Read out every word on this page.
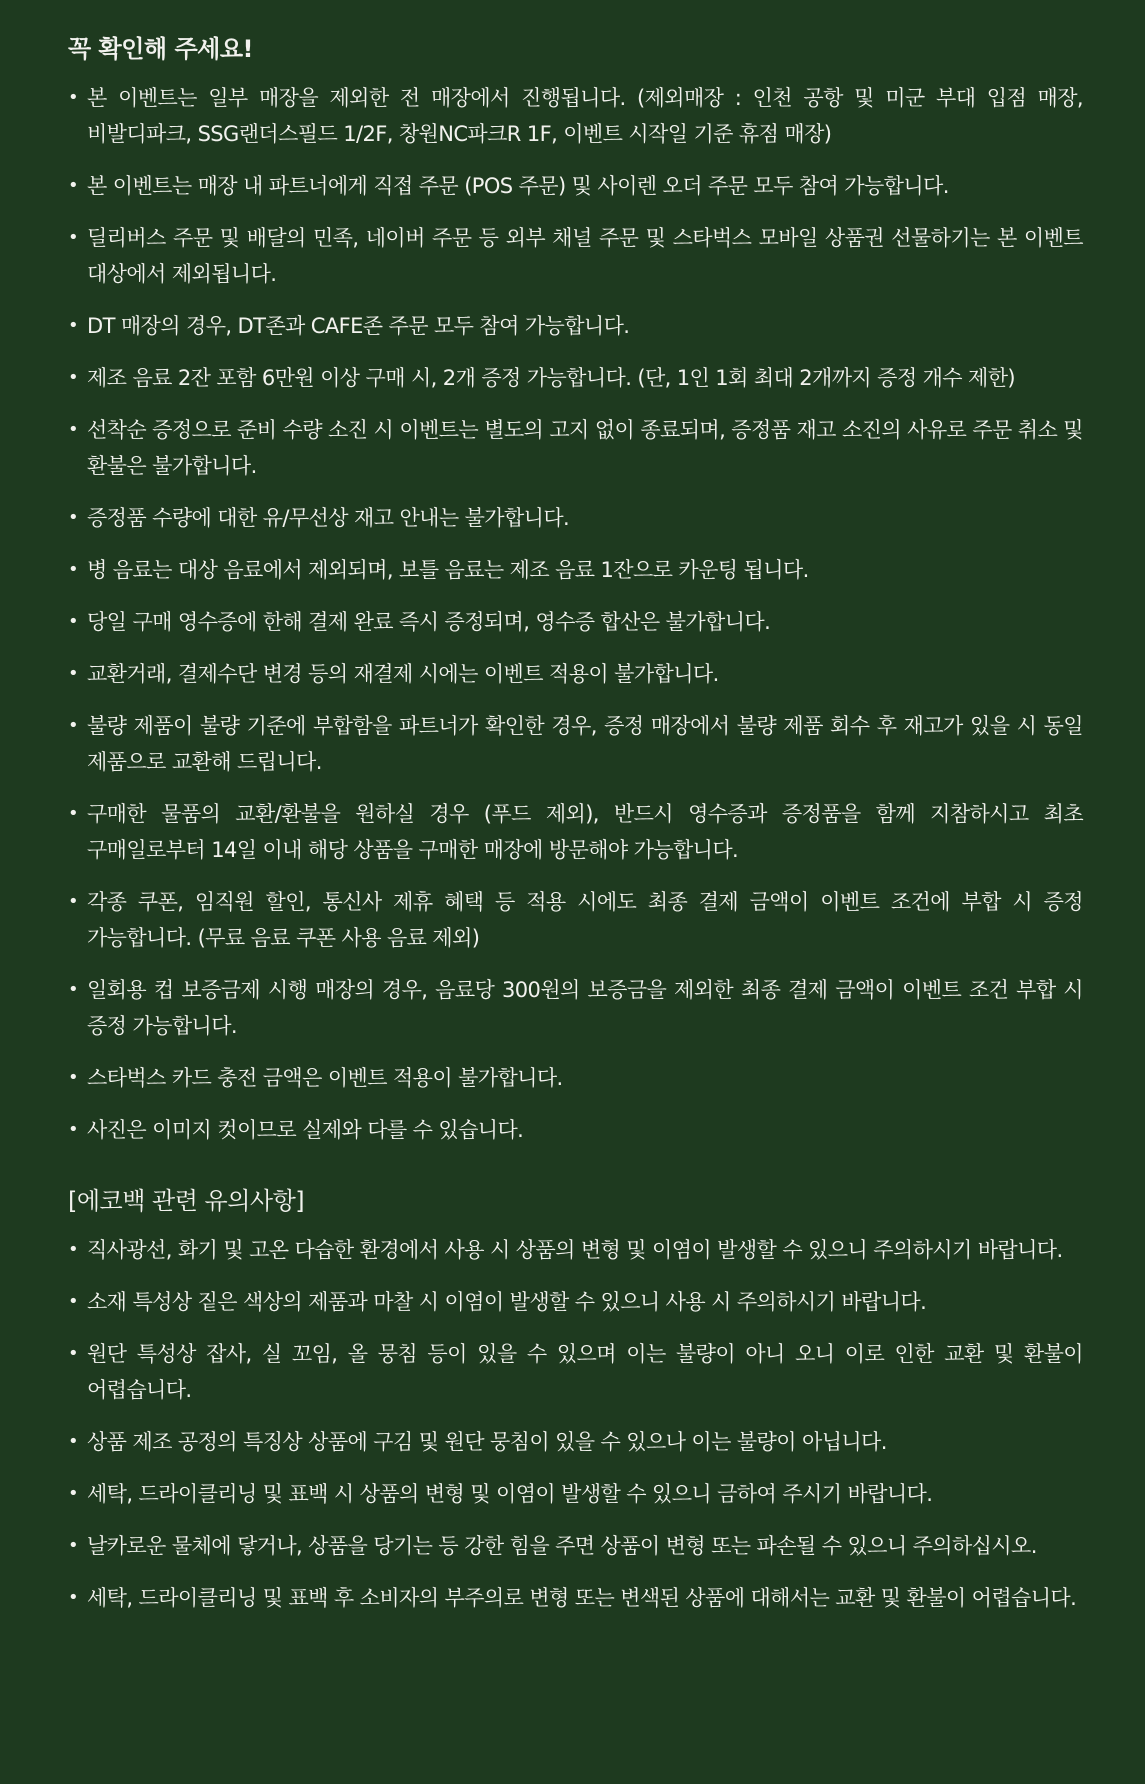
꼭 확인해 주세요!
• 본 이벤트는 일부 매장을 제외한 전 매장에서 진행됩니다. (제외매장 : 인천 공항 및 미군 부대 입점 매장, 비발디파크, SSG랜더스필드 1/2F, 창원NC파크R 1F, 이벤트 시작일 기준 휴점 매장)
• 본 이벤트는 매장 내 파트너에게 직접 주문 (POS 주문) 및 사이렌 오더 주문 모두 참여 가능합니다.
• 딜리버스 주문 및 배달의 민족, 네이버 주문 등 외부 채널 주문 및 스타벅스 모바일 상품권 선물하기는 본 이벤트 대상에서 제외됩니다.
• DT 매장의 경우, DT존과 CAFE존 주문 모두 참여 가능합니다.
• 제조 음료 2잔 포함 6만원 이상 구매 시, 2개 증정 가능합니다. (단, 1인 1회 최대 2개까지 증정 개수 제한)
• 선착순 증정으로 준비 수량 소진 시 이벤트는 별도의 고지 없이 종료되며, 증정품 재고 소진의 사유로 주문 취소 및 환불은 불가합니다.
• 증정품 수량에 대한 유/무선상 재고 안내는 불가합니다.
• 병 음료는 대상 음료에서 제외되며, 보틀 음료는 제조 음료 1잔으로 카운팅 됩니다.
• 당일 구매 영수증에 한해 결제 완료 즉시 증정되며, 영수증 합산은 불가합니다.
• 교환거래, 결제수단 변경 등의 재결제 시에는 이벤트 적용이 불가합니다.
• 불량 제품이 불량 기준에 부합함을 파트너가 확인한 경우, 증정 매장에서 불량 제품 회수 후 재고가 있을 시 동일 제품으로 교환해 드립니다.
• 구매한 물품의 교환/환불을 원하실 경우 (푸드 제외), 반드시 영수증과 증정품을 함께 지참하시고 최초 구매일로부터 14일 이내 해당 상품을 구매한 매장에 방문해야 가능합니다.
• 각종 쿠폰, 임직원 할인, 통신사 제휴 혜택 등 적용 시에도 최종 결제 금액이 이벤트 조건에 부합 시 증정 가능합니다. (무료 음료 쿠폰 사용 음료 제외)
• 일회용 컵 보증금제 시행 매장의 경우, 음료당 300원의 보증금을 제외한 최종 결제 금액이 이벤트 조건 부합 시 증정 가능합니다.
• 스타벅스 카드 충전 금액은 이벤트 적용이 불가합니다.
• 사진은 이미지 컷이므로 실제와 다를 수 있습니다.
[에코백 관련 유의사항]
• 직사광선, 화기 및 고온 다습한 환경에서 사용 시 상품의 변형 및 이염이 발생할 수 있으니 주의하시기 바랍니다.
• 소재 특성상 짙은 색상의 제품과 마찰 시 이염이 발생할 수 있으니 사용 시 주의하시기 바랍니다.
• 원단 특성상 잡사, 실 꼬임, 올 뭉침 등이 있을 수 있으며 이는 불량이 아니 오니 이로 인한 교환 및 환불이 어렵습니다.
• 상품 제조 공정의 특징상 상품에 구김 및 원단 뭉침이 있을 수 있으나 이는 불량이 아닙니다.
• 세탁, 드라이클리닝 및 표백 시 상품의 변형 및 이염이 발생할 수 있으니 금하여 주시기 바랍니다.
• 날카로운 물체에 닿거나, 상품을 당기는 등 강한 힘을 주면 상품이 변형 또는 파손될 수 있으니 주의하십시오.
• 세탁, 드라이클리닝 및 표백 후 소비자의 부주의로 변형 또는 변색된 상품에 대해서는 교환 및 환불이 어렵습니다.
